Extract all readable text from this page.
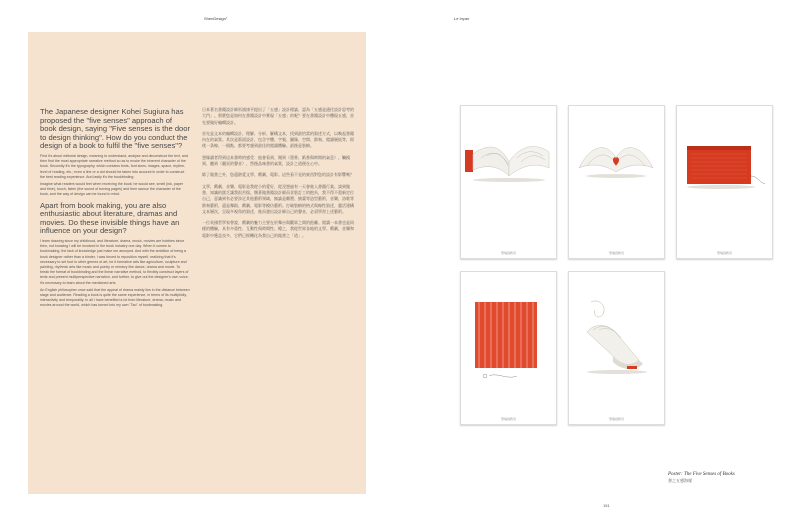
ShenDesign°	Le Inyan

The Japanese designer Kohei Sugiura has proposed the "five senses" approach of book design, saying "Five senses is the door to design thinking". How do you conduct the design of a book to fulfil the "five senses"?

First it's about editorial design, meaning to understand, analyse and deconstruct the text, and then find the most appropriate narrative method so as to evoke the inherent character of the book. Secondly it's the typography, which contains fonts, font sizes, images, space, rhythm, level of reading, etc.; even a line or a dot should be taken into account in order to construct the best reading experience. And lastly it's the bookbinding.

Imagine what readers would feel when receiving the book: he would see, smell (ink, paper and time), touch, listen (the sound of turning pages) and then savour the character of the book, and the way of design can be found in mind.

Apart from book making, you are also enthusiastic about literature, dramas and movies. Do these invisible things have an influence on your design?

I learn drawing since my childhood, and literature, drama, music, movies are hobbies since then, not knowing I will be involved in the book industry one day. When it comes to bookmaking, the lack of knowledge just make me annoyed. And with the ambition of being a book designer rather than a binder, I was forced to reposition myself, realizing that it's necessary to set foot in other genres of art, be it formative arts like agriculture, sculpture and painting, rhythmic arts like music and poetry or mimicry like dance, drama and movie. To break the format of bookbinding and the linear narrative method, to flexibly construct layers of texts and present multiperspective narration, and further, to give out the designer's own voice, it's necessary to learn about the mentioned arts.

An English philosopher once said that the appeal of drama mainly lies in the distance between stage and audience. Reading a book is quite the same experience, in terms of its multiplicity, interactivity and temporality. In all I have benefited a lot from literature, drama, music and movies around the world, which has turned into my own "Tao" of bookmaking.

日本著名書籍設計師杉浦康平提出了「五感」設計理論，認為「五感是通往設計思考的大門」。那麼您是如何在書籍設計中實現「五感」的呢？要在書籍設計中體現五感，首先要做好編輯設計。

首先是文本的編輯設計，理解、分析、解構文本，找到最恰當的敘述方式，以喚起書籍內在的氣質。其次是版面設計，包含字體、字號、圖像、空間、節奏、閱讀層級等，即使一条線、一個點，都要考慮到最佳的閱讀體驗。最後是裝幀。

想像讀者得到這本書時的感受：他會看到、聞到（墨香、紙香與時間的氣息）、觸摸到、聽到（翻頁的聲音），然後品味書的氣質，設計之道便在心中。

除了做書之外，您還熱愛文學、戲劇、電影。這些看不見的東西對您的設計有影響嗎？

文學、戲劇、音樂、電影是我從小的愛好，從沒想過有一天會進入書籍行業。談到做書，知識的匮乏讓我很苦惱。懷著做書籍設計師而非裝訂工的抱負，我不得不重新定位自己，意識到有必要涉足其他藝術領域，無論是雕塑、繪畫等造型藝術，音樂、詩歌等節奏藝術，還是舞蹈、戲劇、電影等模仿藝術。打破裝幀的格式與線性敘述，靈活建構文本層次，呈現多視角的敘述，進而發出設計師自己的聲音，必須學習上述藝術。

一位英國哲學家曾說，戲劇的魅力主要在於舞台與觀眾之間的距離。閱讀一本書也是同樣的體驗，具有多重性、互動性與時間性。總之，我從世界各地的文學、戲劇、音樂和電影中獲益良多，它們已經轉化為我自己的做書之「道」。

筆墙到教究	筆墙到教究	筆墙到教究
筆墙到教究	筆墙到教究

Poster: The Five Senses of Books

書之五感海報

151
